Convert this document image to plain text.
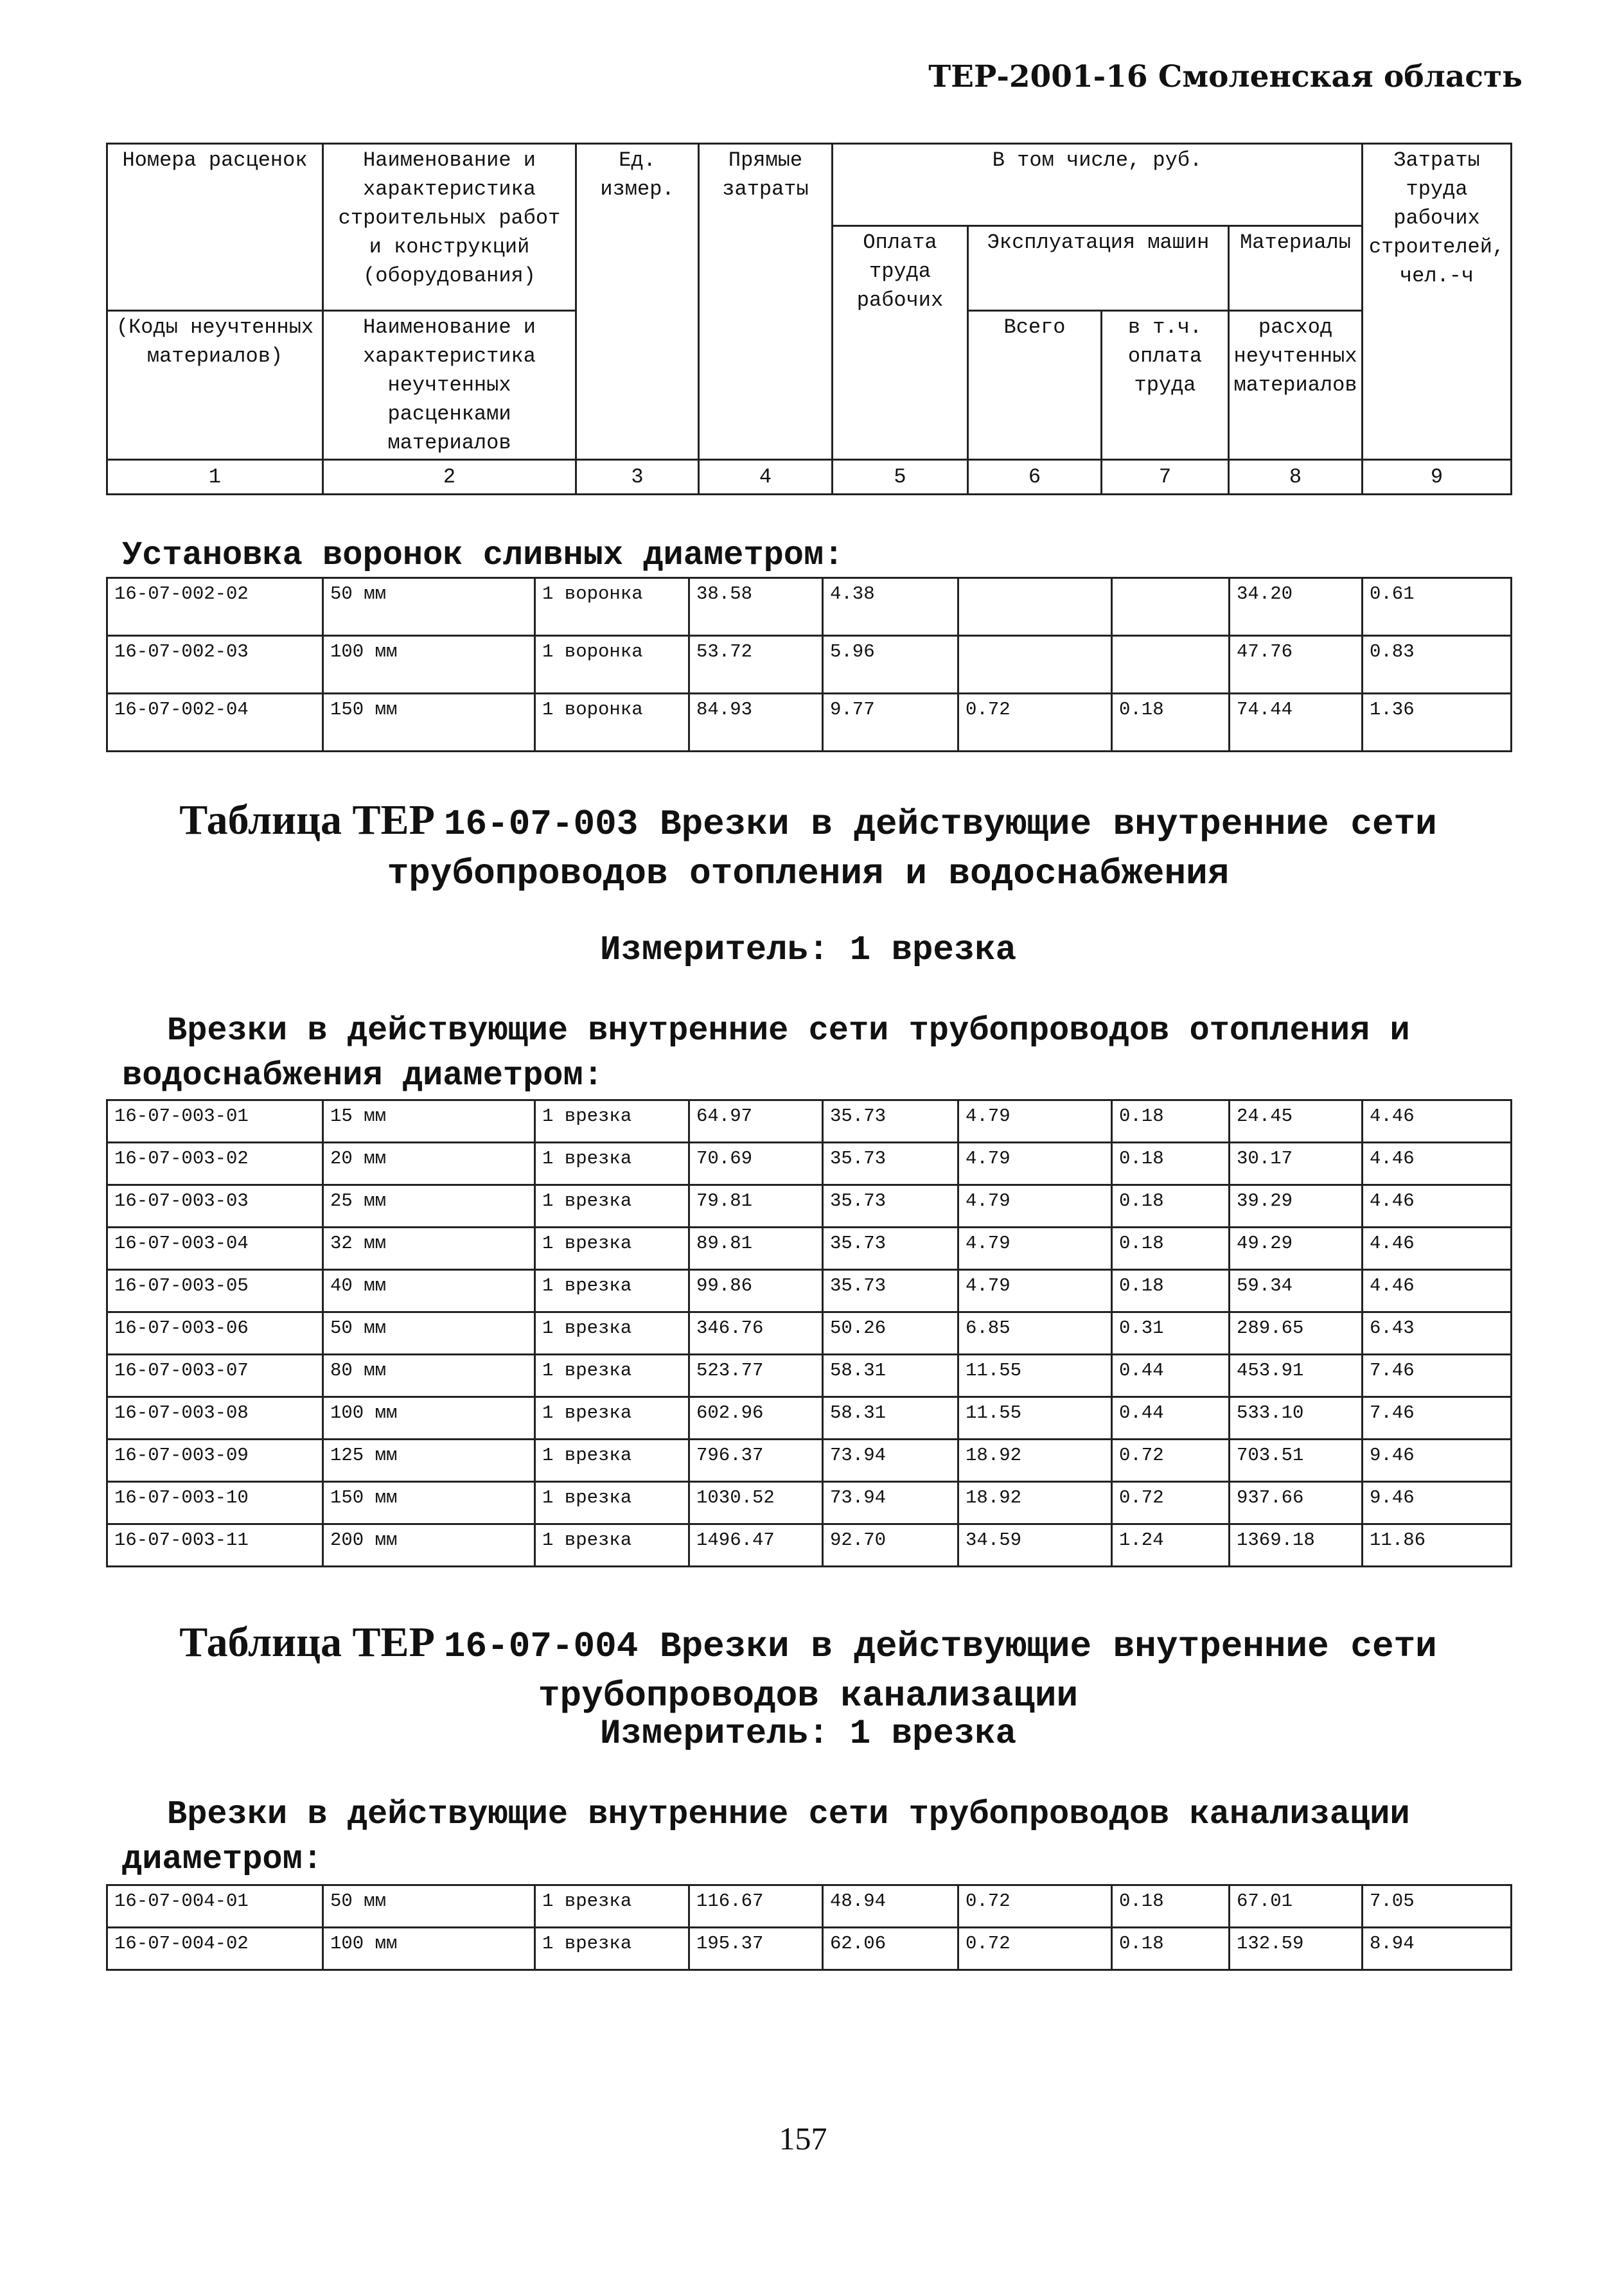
ТЕР-2001-16 Смоленская область
Номера расценок	Наименование и характеристика строительных работ и конструкций (оборудования)	Ед. измер.	Прямые затраты	В том числе, руб.				Затраты труда рабочих строителей, чел.-ч
				Оплата труда рабочих	Эксплуатация машин		Материалы	
(Коды неучтенных материалов)	Наименование и характеристика неучтенных расценками материалов				Всего	в т.ч. оплата труда	расход неучтенных материалов	
1	2	3	4	5	6	7	8	9
Установка воронок сливных диаметром:
16-07-002-02	50 мм	1 воронка	38.58	4.38			34.20	0.61
16-07-002-03	100 мм	1 воронка	53.72	5.96			47.76	0.83
16-07-002-04	150 мм	1 воронка	84.93	9.77	0.72	0.18	74.44	1.36
Таблица ТЕР 16-07-003 Врезки в действующие внутренние сети трубопроводов отопления и водоснабжения
Измеритель: 1 врезка
Врезки в действующие внутренние сети трубопроводов отопления и водоснабжения диаметром:
16-07-003-01	15 мм	1 врезка	64.97	35.73	4.79	0.18	24.45	4.46
16-07-003-02	20 мм	1 врезка	70.69	35.73	4.79	0.18	30.17	4.46
16-07-003-03	25 мм	1 врезка	79.81	35.73	4.79	0.18	39.29	4.46
16-07-003-04	32 мм	1 врезка	89.81	35.73	4.79	0.18	49.29	4.46
16-07-003-05	40 мм	1 врезка	99.86	35.73	4.79	0.18	59.34	4.46
16-07-003-06	50 мм	1 врезка	346.76	50.26	6.85	0.31	289.65	6.43
16-07-003-07	80 мм	1 врезка	523.77	58.31	11.55	0.44	453.91	7.46
16-07-003-08	100 мм	1 врезка	602.96	58.31	11.55	0.44	533.10	7.46
16-07-003-09	125 мм	1 врезка	796.37	73.94	18.92	0.72	703.51	9.46
16-07-003-10	150 мм	1 врезка	1030.52	73.94	18.92	0.72	937.66	9.46
16-07-003-11	200 мм	1 врезка	1496.47	92.70	34.59	1.24	1369.18	11.86
Таблица ТЕР 16-07-004 Врезки в действующие внутренние сети трубопроводов канализации
Измеритель: 1 врезка
Врезки в действующие внутренние сети трубопроводов канализации диаметром:
16-07-004-01	50 мм	1 врезка	116.67	48.94	0.72	0.18	67.01	7.05
16-07-004-02	100 мм	1 врезка	195.37	62.06	0.72	0.18	132.59	8.94
157
